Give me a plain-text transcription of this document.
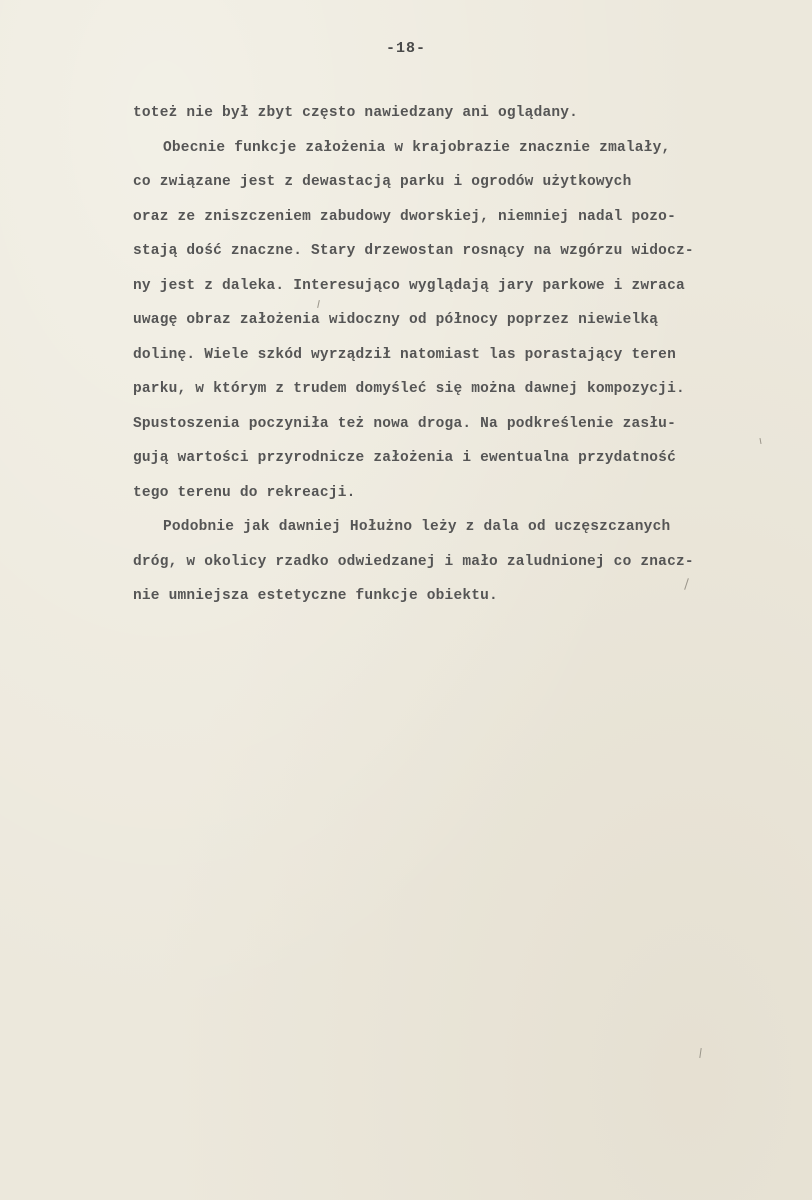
-18-
toteż nie był zbyt często nawiedzany ani oglądany.
Obecnie funkcje założenia w krajobrazie znacznie zmalały,
co związane jest z dewastacją parku i ogrodów użytkowych
oraz ze zniszczeniem zabudowy dworskiej, niemniej nadal pozo-
stają dość znaczne. Stary drzewostan rosnący na wzgórzu widocz-
ny jest z daleka. Interesująco wyglądają jary parkowe i zwraca
uwagę obraz założenia widoczny od północy poprzez niewielką
dolinę. Wiele szkód wyrządził natomiast las porastający teren
parku, w którym z trudem domyśleć się można dawnej kompozycji.
Spustoszenia poczyniła też nowa droga. Na podkreślenie zasłu-
gują wartości przyrodnicze założenia i ewentualna przydatność
tego terenu do rekreacji.
Podobnie jak dawniej Hołużno leży z dala od uczęszczanych
dróg, w okolicy rzadko odwiedzanej i mało zaludnionej co znacz-
nie umniejsza estetyczne funkcje obiektu.
